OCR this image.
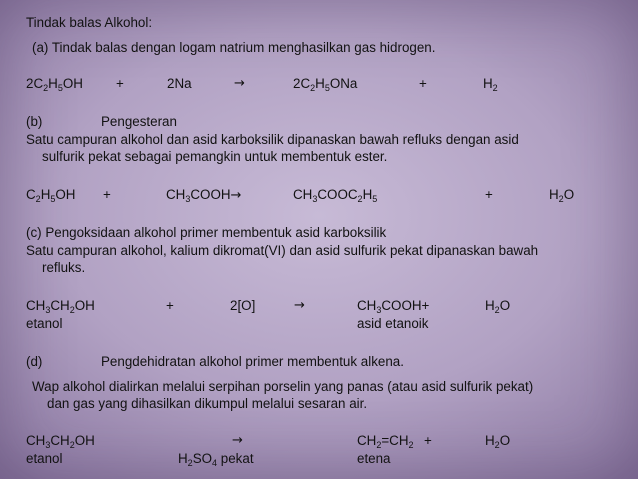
Tindak balas Alkohol:
(a) Tindak balas dengan logam natrium menghasilkan gas hidrogen.
$2C_2H_5OH$ +	2Na	→	$2C_2H_5ONa$	+	$H_2$
(b)	Pengesteran
Satu campuran alkohol dan asid karboksilik dipanaskan bawah refluks dengan asid
sulfurik pekat sebagai pemangkin untuk membentuk ester.
$C_2H_5OH$ +	$CH_3COOH\to$	$CH_3COOC_2H_5$	+	$H_2O$
(c) Pengoksidaan alkohol primer membentuk asid karboksilik
Satu campuran alkohol, kalium dikromat(VI) dan asid sulfurik pekat dipanaskan bawah
refluks.
$CH_3CH_2OH$	+	2[O]	→	$CH_3COOH+$	$H_2O$
etanol	asid etanoik
(d)	Pengdehidratan alkohol primer membentuk alkena.
Wap alkohol dialirkan melalui serpihan porselin yang panas (atau asid sulfurik pekat)
dan gas yang dihasilkan dikumpul melalui sesaran air.
$CH_3CH_2OH$	→	$CH_2=CH_2$ +	$H_2O$
etanol	$H_2SO_4$ pekat	etena
